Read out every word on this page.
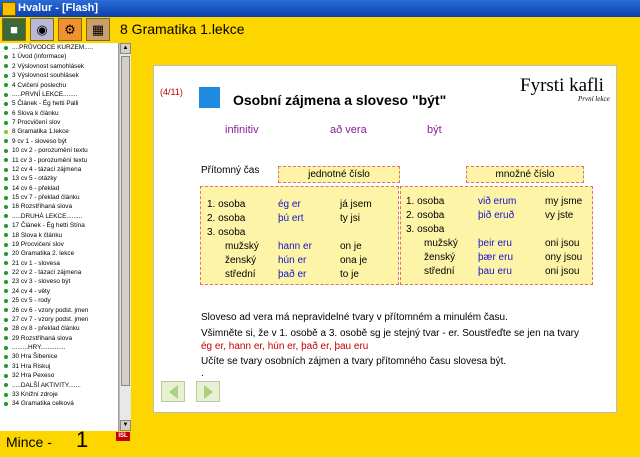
Hvalur - [Flash]
■	◉	⚙	▦	8 Gramatika 1.lekce
....PRŮVODCE KURZEM.....
1 Úvod (informace)
2 Výslovnost samohlásek
3 Výslovnost souhlásek
4 Cvičení poslechu
.....PRVNÍ LEKCE........
5 Článek - Ég hetti Palli
6 Slova k článku
7 Procvičení slov
8 Gramatika 1.lekce
9 cv 1 - sloveso být
10 cv 2 - porozumění textu
11 cv 3 - porozumění textu
12 cv 4 - tázací zájmena
13 cv 5 - otázky
14 cv 6 - překlad
15 cv 7 - překlad článku
16 Rozstříhaná slova
.....DRUHÁ LEKCE.........
17 Článek - Ég hetti Stína
18 Slova k článku
19 Procvičení slov
20 Gramatika 2. lekce
21 cv 1 - slovesa
22 cv 2 - tázací zájmena
23 cv 3 - sloveso být
24 cv 4 - věty
25 cv 5 - rody
26 cv 6 - vzory podst. jmen
27 cv 7 - vzory podst. jmen
28 cv 8 - překlad článku
29 Rozstříhaná slova
.........HRY..............
30 Hra Šibenice
31 Hra Riskuj
32 Hra Pexeso
.....DALŠÍ AKTIVITY.......
33 Knižní zdroje
34 Gramatika celková
▲
▼
(4/11)	Osobní zájmena a sloveso "být"
Fyrsti kafli
První lekce
infinitiv	að vera	být
Přítomný čas	jednotné číslo	množné číslo
1. osoba	ég er	já jsem
2. osoba	þú ert	ty jsi
3. osoba
mužský hann er	on je
ženský hún er	ona je
střední það er	to je
1. osoba	við erum	my jsme
2. osoba	þið eruð	vy jste
3. osoba
mužský þeir eru	oni jsou
ženský þær eru	ony jsou
střední þau eru	oni jsou
Sloveso ad vera má nepravidelné tvary v přítomném a minulém času.
Všimněte si, že v 1. osobě a 3. osobě sg je stejný tvar - er. Soustřeďte se jen na tvary
ég er, hann er, hún er, það er, þau eru
Učíte se tvary osobních zájmen a tvary přítomného času slovesa být.
.
Mince - 1	ISL
